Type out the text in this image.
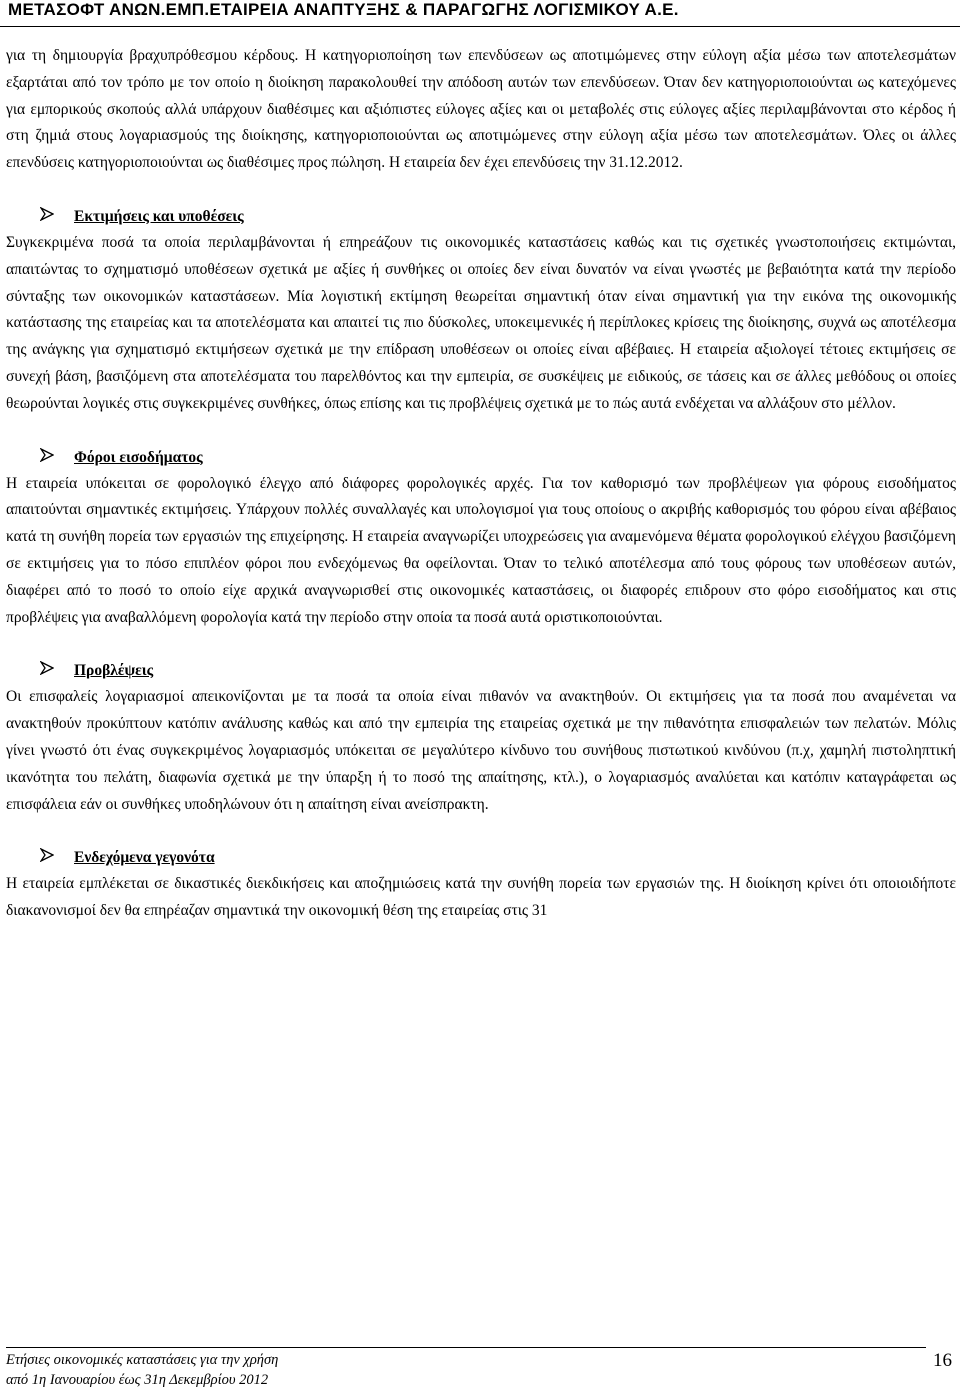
ΜΕΤΑΣΟΦΤ ΑΝΩΝ.ΕΜΠ.ΕΤΑΙΡΕΙΑ ΑΝΑΠΤΥΞΗΣ & ΠΑΡΑΓΩΓΗΣ ΛΟΓΙΣΜΙΚΟΥ Α.Ε.

για τη δημιουργία βραχυπρόθεσμου κέρδους. Η κατηγοριοποίηση των επενδύσεων ως αποτιμώμενες στην εύλογη αξία μέσω των αποτελεσμάτων εξαρτάται από τον τρόπο με τον οποίο η διοίκηση παρακολουθεί την απόδοση αυτών των επενδύσεων. Όταν δεν κατηγοριοποιούνται ως κατεχόμενες για εμπορικούς σκοπούς αλλά υπάρχουν διαθέσιμες και αξιόπιστες εύλογες αξίες και οι μεταβολές στις εύλογες αξίες περιλαμβάνονται στο κέρδος ή στη ζημιά στους λογαριασμούς της διοίκησης, κατηγοριοποιούνται ως αποτιμώμενες στην εύλογη αξία μέσω των αποτελεσμάτων. Όλες οι άλλες επενδύσεις κατηγοριοποιούνται ως διαθέσιμες προς πώληση. Η εταιρεία δεν έχει επενδύσεις την 31.12.2012.

Εκτιμήσεις και υποθέσεις

Συγκεκριμένα ποσά τα οποία περιλαμβάνονται ή επηρεάζουν τις οικονομικές καταστάσεις καθώς και τις σχετικές γνωστοποιήσεις εκτιμώνται, απαιτώντας το σχηματισμό υποθέσεων σχετικά με αξίες ή συνθήκες οι οποίες δεν είναι δυνατόν να είναι γνωστές με βεβαιότητα κατά την περίοδο σύνταξης των οικονομικών καταστάσεων. Μία λογιστική εκτίμηση θεωρείται σημαντική όταν είναι σημαντική για την εικόνα της οικονομικής κατάστασης της εταιρείας και τα αποτελέσματα και απαιτεί τις πιο δύσκολες, υποκειμενικές ή περίπλοκες κρίσεις της διοίκησης, συχνά ως αποτέλεσμα της ανάγκης για σχηματισμό εκτιμήσεων σχετικά με την επίδραση υποθέσεων οι οποίες είναι αβέβαιες. Η εταιρεία αξιολογεί τέτοιες εκτιμήσεις σε συνεχή βάση, βασιζόμενη στα αποτελέσματα του παρελθόντος και την εμπειρία, σε συσκέψεις με ειδικούς, σε τάσεις και σε άλλες μεθόδους οι οποίες θεωρούνται λογικές στις συγκεκριμένες συνθήκες, όπως επίσης και τις προβλέψεις σχετικά με το πώς αυτά ενδέχεται να αλλάξουν στο μέλλον.

Φόροι εισοδήματος

Η εταιρεία υπόκειται σε φορολογικό έλεγχο από διάφορες φορολογικές αρχές. Για τον καθορισμό των προβλέψεων για φόρους εισοδήματος απαιτούνται σημαντικές εκτιμήσεις. Υπάρχουν πολλές συναλλαγές και υπολογισμοί για τους οποίους ο ακριβής καθορισμός του φόρου είναι αβέβαιος κατά τη συνήθη πορεία των εργασιών της επιχείρησης. Η εταιρεία αναγνωρίζει υποχρεώσεις για αναμενόμενα θέματα φορολογικού ελέγχου βασιζόμενη σε εκτιμήσεις για το πόσο επιπλέον φόροι που ενδεχόμενως θα οφείλονται. Όταν το τελικό αποτέλεσμα από τους φόρους των υποθέσεων αυτών, διαφέρει από το ποσό το οποίο είχε αρχικά αναγνωρισθεί στις οικονομικές καταστάσεις, οι διαφορές επιδρουν στο φόρο εισοδήματος και στις προβλέψεις για αναβαλλόμενη φορολογία κατά την περίοδο στην οποία τα ποσά αυτά οριστικοποιούνται.

Προβλέψεις

Οι επισφαλείς λογαριασμοί απεικονίζονται με τα ποσά τα οποία είναι πιθανόν να ανακτηθούν. Οι εκτιμήσεις για τα ποσά που αναμένεται να ανακτηθούν προκύπτουν κατόπιν ανάλυσης καθώς και από την εμπειρία της εταιρείας σχετικά με την πιθανότητα επισφαλειών των πελατών. Μόλις γίνει γνωστό ότι ένας συγκεκριμένος λογαριασμός υπόκειται σε μεγαλύτερο κίνδυνο του συνήθους πιστωτικού κινδύνου (π.χ, χαμηλή πιστοληπτική ικανότητα του πελάτη, διαφωνία σχετικά με την ύπαρξη ή το ποσό της απαίτησης, κτλ.), ο λογαριασμός αναλύεται και κατόπιν καταγράφεται ως επισφάλεια εάν οι συνθήκες υποδηλώνουν ότι η απαίτηση είναι ανείσπρακτη.

Ενδεχόμενα γεγονότα

Η εταιρεία εμπλέκεται σε δικαστικές διεκδικήσεις και αποζημιώσεις κατά την συνήθη πορεία των εργασιών της. Η διοίκηση κρίνει ότι οποιοιδήποτε διακανονισμοί δεν θα επηρέαζαν σημαντικά την οικονομική θέση της εταιρείας στις 31

Ετήσιες οικονομικές καταστάσεις για την χρήση
από 1η Ιανουαρίου έως 31η Δεκεμβρίου 2012
16
